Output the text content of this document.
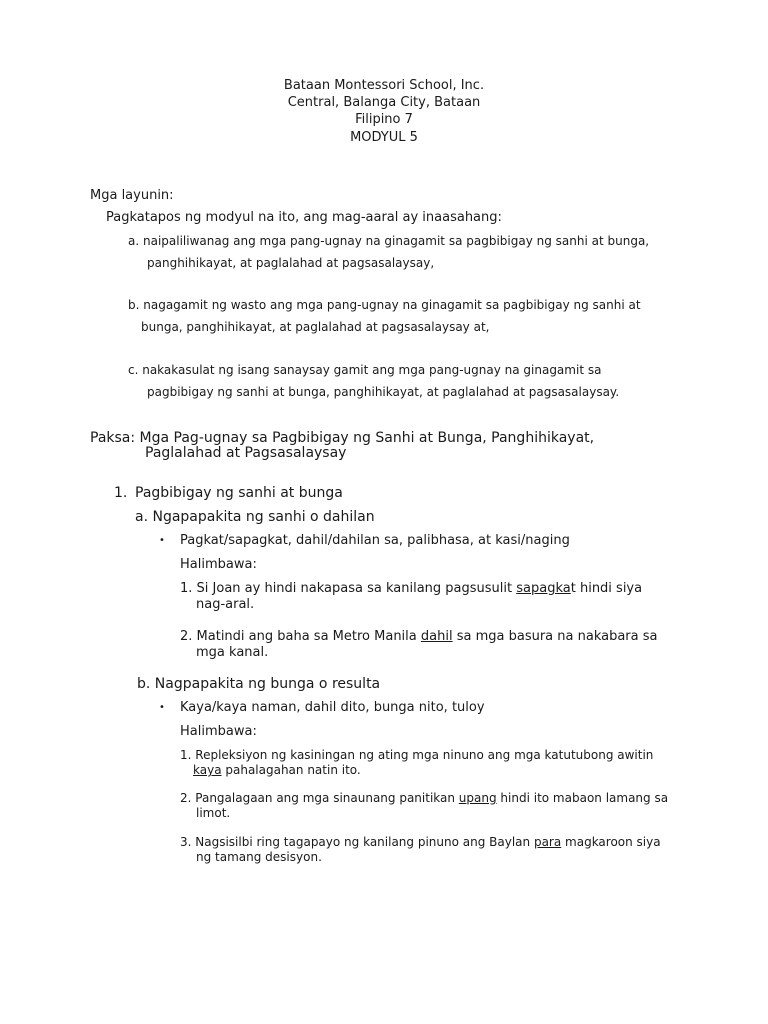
Bataan Montessori School, Inc.
Central, Balanga City, Bataan
Filipino 7
MODYUL 5
Mga layunin:
Pagkatapos ng modyul na ito, ang mag-aaral ay inaasahang:
a. naipaliliwanag ang mga pang-ugnay na ginagamit sa pagbibigay ng sanhi at bunga,
panghihikayat, at paglalahad at pagsasalaysay,
b. nagagamit ng wasto ang mga pang-ugnay na ginagamit sa pagbibigay ng sanhi at
bunga, panghihikayat, at paglalahad at pagsasalaysay at,
c. nakakasulat ng isang sanaysay gamit ang mga pang-ugnay na ginagamit sa
pagbibigay ng sanhi at bunga, panghihikayat, at paglalahad at pagsasalaysay.
Paksa: Mga Pag-ugnay sa Pagbibigay ng Sanhi at Bunga, Panghihikayat,
Paglalahad at Pagsasalaysay
1. Pagbibigay ng sanhi at bunga
a. Ngapapakita ng sanhi o dahilan
• Pagkat/sapagkat, dahil/dahilan sa, palibhasa, at kasi/naging
Halimbawa:
1. Si Joan ay hindi nakapasa sa kanilang pagsusulit sapagkat hindi siya
nag-aral.
2. Matindi ang baha sa Metro Manila dahil sa mga basura na nakabara sa
mga kanal.
b. Nagpapakita ng bunga o resulta
• Kaya/kaya naman, dahil dito, bunga nito, tuloy
Halimbawa:
1. Repleksiyon ng kasiningan ng ating mga ninuno ang mga katutubong awitin
kaya pahalagahan natin ito.
2. Pangalagaan ang mga sinaunang panitikan upang hindi ito mabaon lamang sa
limot.
3. Nagsisilbi ring tagapayo ng kanilang pinuno ang Baylan para magkaroon siya
ng tamang desisyon.
